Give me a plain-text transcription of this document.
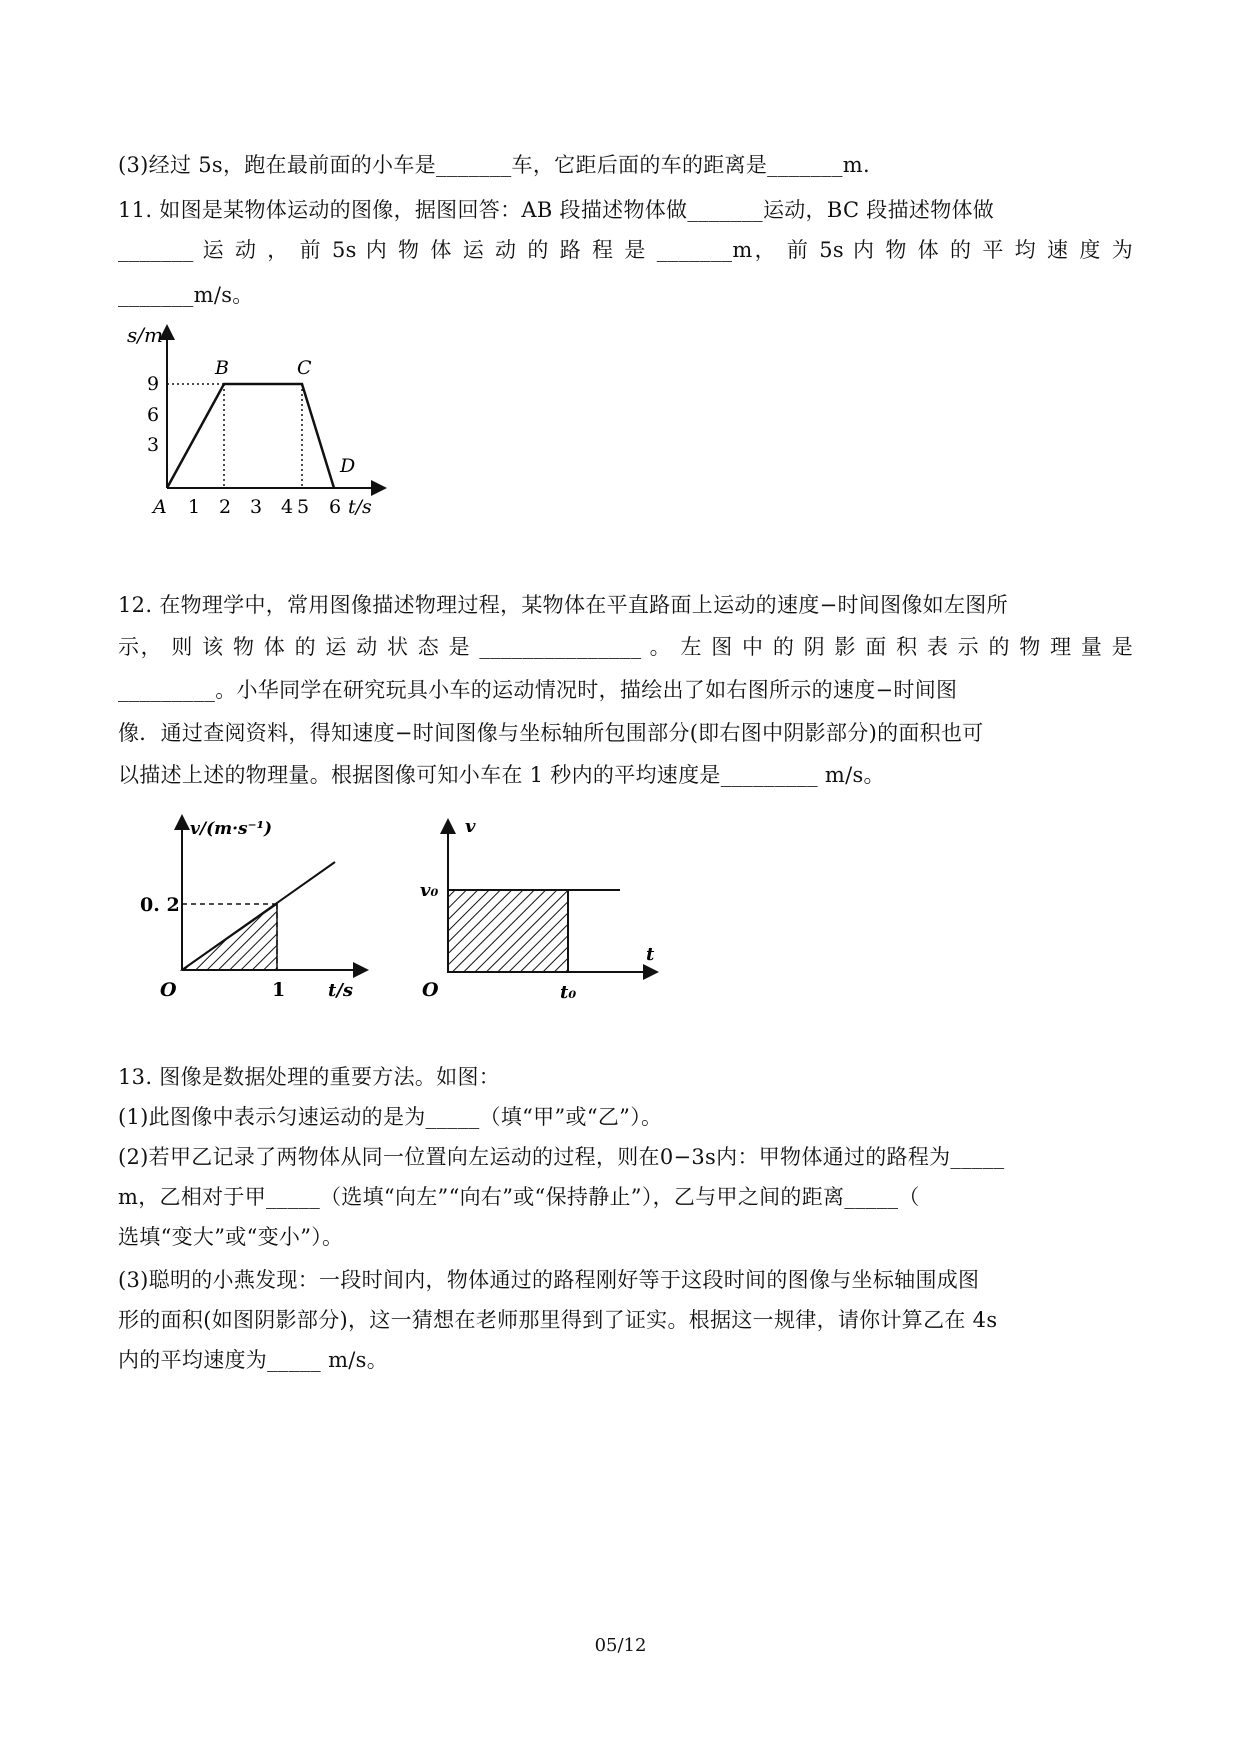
(3)经过 5s，跑在最前面的小车是_______车，它距后面的车的距离是_______m.
11. 如图是某物体运动的图像，据图回答：AB 段描述物体做_______运动，BC 段描述物体做
_______ 运 动 ， 前 5s 内 物 体 运 动 的 路 程 是 _______m， 前 5s 内 物 体 的 平 均 速 度 为
_______m/s。
s/m
9
6
3
A
B	C
D
1 2 3 4 5 6 t/s
12. 在物理学中，常用图像描述物理过程，某物体在平直路面上运动的速度−时间图像如左图所
示， 则 该 物 体 的 运 动 状 态 是 _______________ 。 左 图 中 的 阴 影 面 积 表 示 的 物 理 量 是
_________。小华同学在研究玩具小车的运动情况时，描绘出了如右图所示的速度−时间图
像．通过查阅资料，得知速度−时间图像与坐标轴所包围部分(即右图中阴影部分)的面积也可
以描述上述的物理量。根据图像可知小车在 1 秒内的平均速度是_________ m/s。
v/(m·s⁻¹)
0. 2
O	1 t/s
v
v₀
O	t₀
t
13. 图像是数据处理的重要方法。如图：
(1)此图像中表示匀速运动的是为_____（填“甲”或“乙”）。
(2)若甲乙记录了两物体从同一位置向左运动的过程，则在0−3s内：甲物体通过的路程为_____
m，乙相对于甲_____（选填“向左”“向右”或“保持静止”），乙与甲之间的距离_____（
选填“变大”或“变小”）。
(3)聪明的小燕发现：一段时间内，物体通过的路程刚好等于这段时间的图像与坐标轴围成图
形的面积(如图阴影部分)，这一猜想在老师那里得到了证实。根据这一规律，请你计算乙在 4s
内的平均速度为_____ m/s。
05/12
